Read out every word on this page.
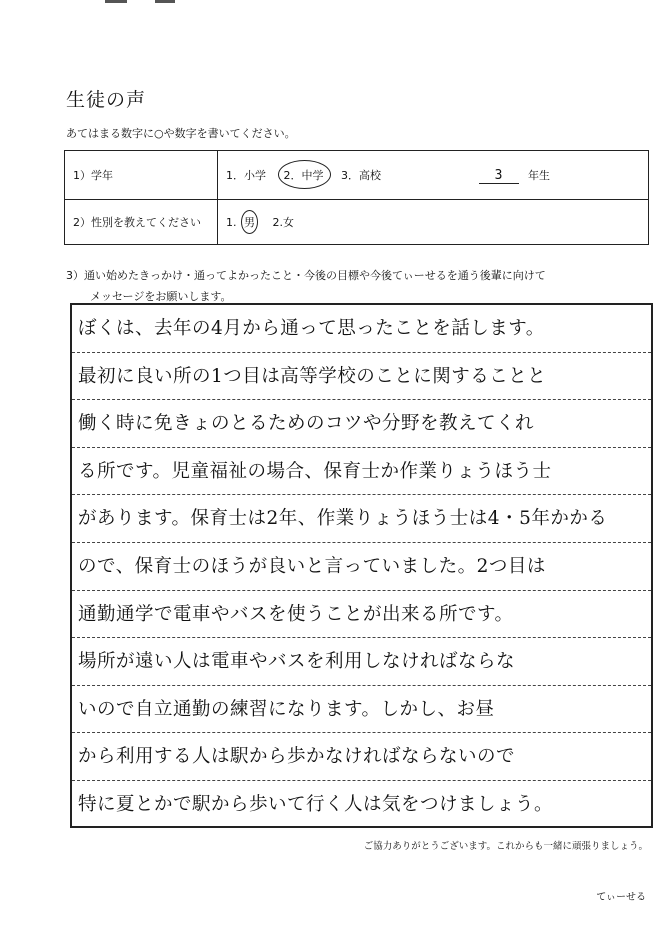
生徒の声
あてはまる数字に○や数字を書いてください。
1）学年	1．小学 2．中学 3．高校 3 年生
2）性別を教えてください	1. 男 2.女
3）通い始めたきっかけ・通ってよかったこと・今後の目標や今後てぃーせるを通う後輩に向けて
メッセージをお願いします。
ぼくは、去年の4月から通って思ったことを話します。
最初に良い所の1つ目は高等学校のことに関することと
働く時に免きょのとるためのコツや分野を教えてくれ
る所です。児童福祉の場合、保育士か作業りょうほう士
があります。保育士は2年、作業りょうほう士は4・5年かかる
ので、保育士のほうが良いと言っていました。2つ目は
通勤通学で電車やバスを使うことが出来る所です。
場所が遠い人は電車やバスを利用しなければならな
いので自立通勤の練習になります。しかし、お昼
から利用する人は駅から歩かなければならないので
特に夏とかで駅から歩いて行く人は気をつけましょう。
ご協力ありがとうございます。これからも一緒に頑張りましょう。
てぃーせる
